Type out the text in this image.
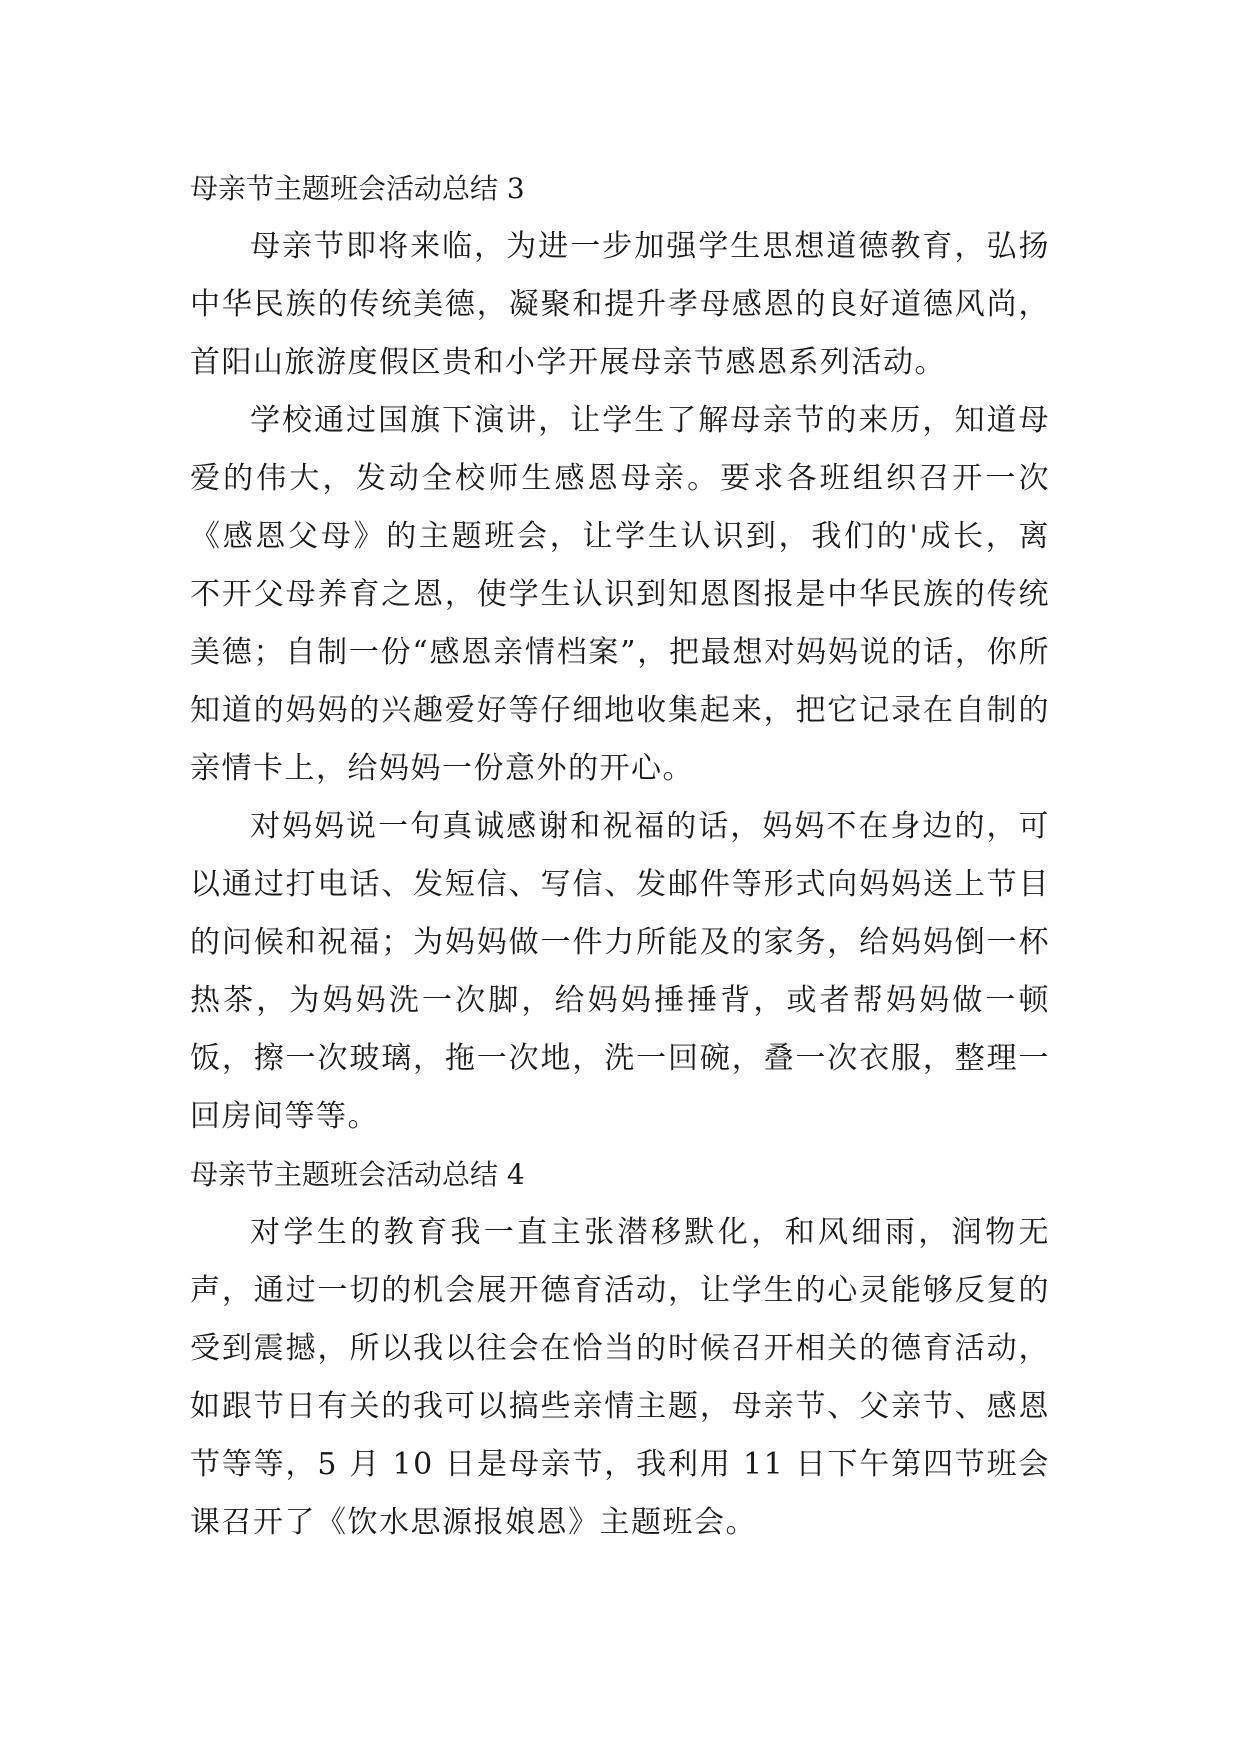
母亲节主题班会活动总结 3

母亲节即将来临，为进一步加强学生思想道德教育，弘扬中华民族的传统美德，凝聚和提升孝母感恩的良好道德风尚，首阳山旅游度假区贵和小学开展母亲节感恩系列活动。

学校通过国旗下演讲，让学生了解母亲节的来历，知道母爱的伟大，发动全校师生感恩母亲。要求各班组织召开一次《感恩父母》的主题班会，让学生认识到，我们的'成长，离不开父母养育之恩，使学生认识到知恩图报是中华民族的传统美德；自制一份“感恩亲情档案”，把最想对妈妈说的话，你所知道的妈妈的兴趣爱好等仔细地收集起来，把它记录在自制的亲情卡上，给妈妈一份意外的开心。

对妈妈说一句真诚感谢和祝福的话，妈妈不在身边的，可以通过打电话、发短信、写信、发邮件等形式向妈妈送上节目的问候和祝福；为妈妈做一件力所能及的家务，给妈妈倒一杯热茶，为妈妈洗一次脚，给妈妈捶捶背，或者帮妈妈做一顿饭，擦一次玻璃，拖一次地，洗一回碗，叠一次衣服，整理一回房间等等。

母亲节主题班会活动总结 4

对学生的教育我一直主张潜移默化，和风细雨，润物无声，通过一切的机会展开德育活动，让学生的心灵能够反复的受到震撼，所以我以往会在恰当的时候召开相关的德育活动，如跟节日有关的我可以搞些亲情主题，母亲节、父亲节、感恩节等等，5 月 10 日是母亲节，我利用 11 日下午第四节班会课召开了《饮水思源报娘恩》主题班会。
